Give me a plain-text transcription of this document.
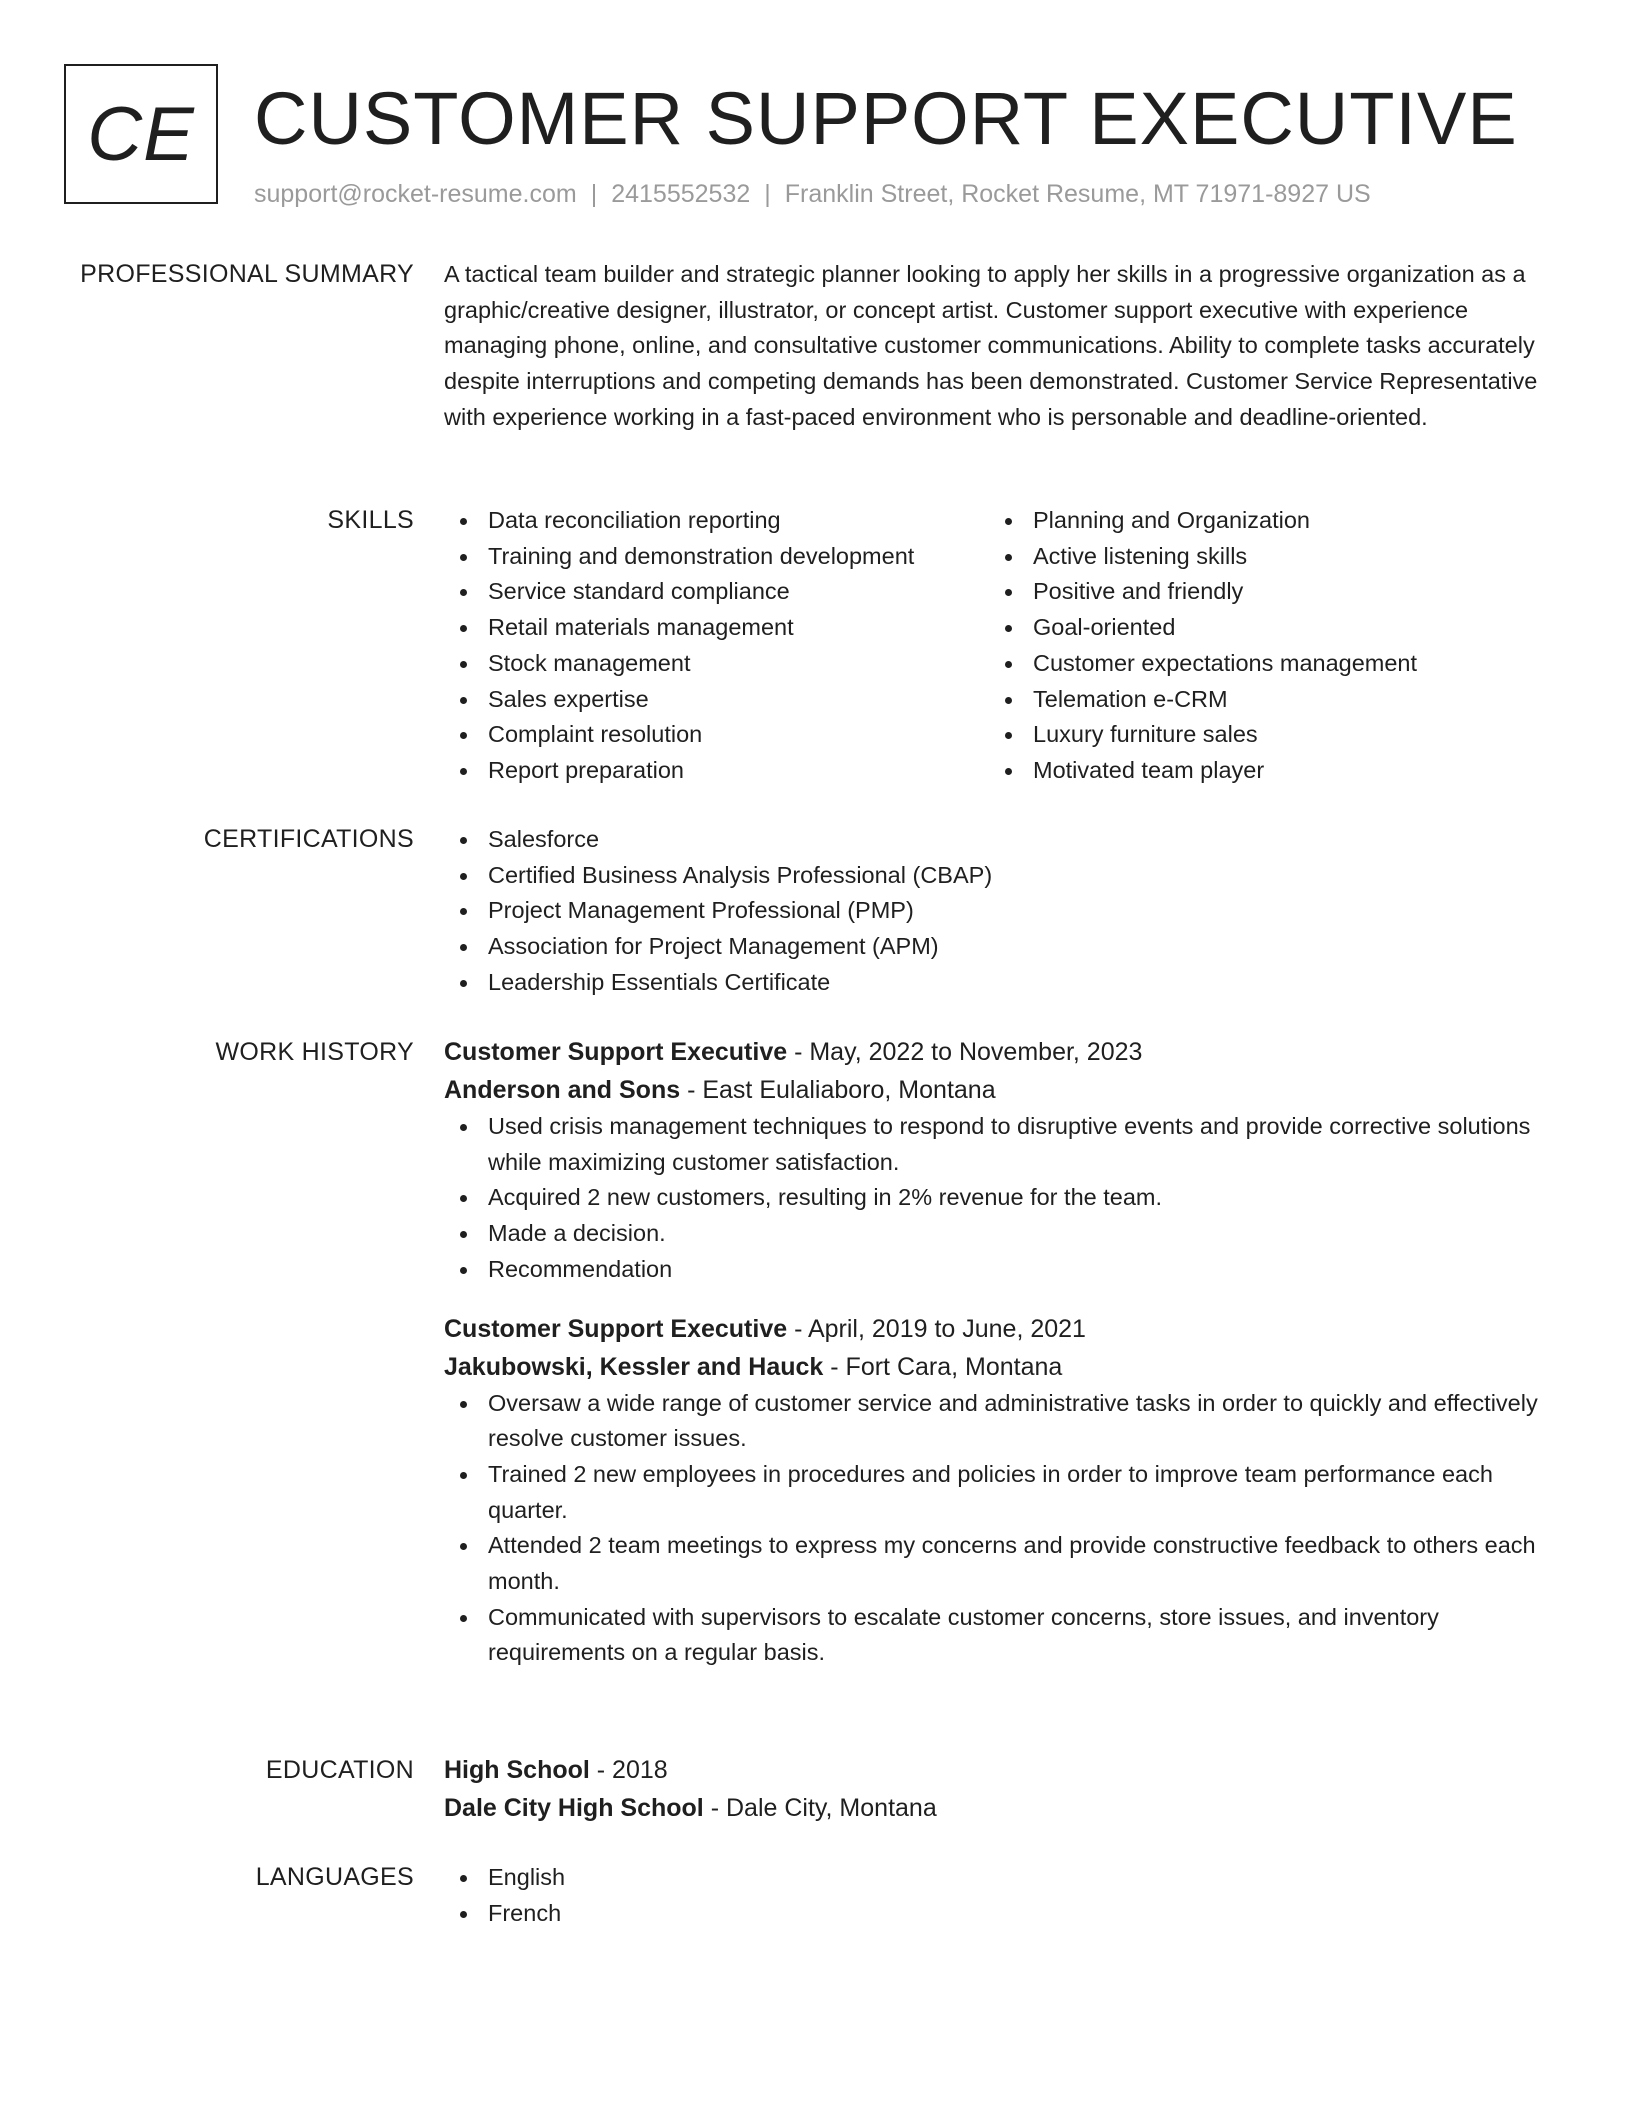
CE CUSTOMER SUPPORT EXECUTIVE
support@rocket-resume.com | 2415552532 | Franklin Street, Rocket Resume, MT 71971-8927 US
PROFESSIONAL SUMMARY A tactical team builder and strategic planner looking to apply her skills in a progressive organization as a graphic/creative designer, illustrator, or concept artist. Customer support executive with experience managing phone, online, and consultative customer communications. Ability to complete tasks accurately despite interruptions and competing demands has been demonstrated. Customer Service Representative with experience working in a fast-paced environment who is personable and deadline-oriented.
SKILLS	Data reconciliation reporting
Training and demonstration development
Service standard compliance
Retail materials management
Stock management
Sales expertise
Complaint resolution
Report preparation
Planning and Organization
Active listening skills
Positive and friendly
Goal-oriented
Customer expectations management
Telemation e-CRM
Luxury furniture sales
Motivated team player
CERTIFICATIONS	Salesforce
Certified Business Analysis Professional (CBAP)
Project Management Professional (PMP)
Association for Project Management (APM)
Leadership Essentials Certificate
WORK HISTORY Customer Support Executive - May, 2022 to November, 2023
Anderson and Sons - East Eulaliaboro, Montana
Used crisis management techniques to respond to disruptive events and provide corrective solutions while maximizing customer satisfaction.
Acquired 2 new customers, resulting in 2% revenue for the team.
Made a decision.
Recommendation
Customer Support Executive - April, 2019 to June, 2021
Jakubowski, Kessler and Hauck - Fort Cara, Montana
Oversaw a wide range of customer service and administrative tasks in order to quickly and effectively resolve customer issues.
Trained 2 new employees in procedures and policies in order to improve team performance each quarter.
Attended 2 team meetings to express my concerns and provide constructive feedback to others each month.
Communicated with supervisors to escalate customer concerns, store issues, and inventory requirements on a regular basis.
EDUCATION High School - 2018
Dale City High School - Dale City, Montana
LANGUAGES	English
French
